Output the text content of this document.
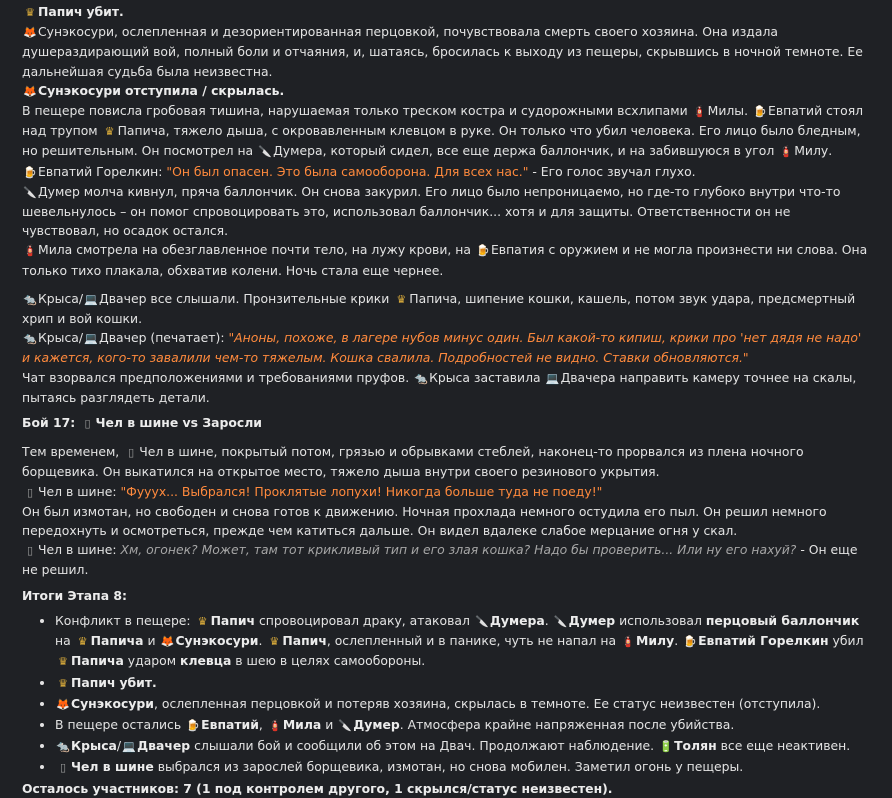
♛ Папич убит.

🦊Сунэкосури, ослепленная и дезориентированная перцовкой, почувствовала смерть своего хозяина. Она издала душераздирающий вой, полный боли и отчаяния, и, шатаясь, бросилась к выходу из пещеры, скрывшись в ночной темноте. Ее дальнейшая судьба была неизвестна.

🦊Сунэкосури отступила / скрылась.

В пещере повисла гробовая тишина, нарушаемая только треском костра и судорожными всхлипами 🧯Милы. 🍺Евпатий стоял над трупом ♛ Папича, тяжело дыша, с окровавленным клевцом в руке. Он только что убил человека. Его лицо было бледным, но решительным. Он посмотрел на 🔪Думера, который сидел, все еще держа баллончик, и на забившуюся в угол 🧯Милу.

🍺Евпатий Горелкин: "Он был опасен. Это была самооборона. Для всех нас." - Его голос звучал глухо.

🔪Думер молча кивнул, пряча баллончик. Он снова закурил. Его лицо было непроницаемо, но где-то глубоко внутри что-то шевельнулось – он помог спровоцировать это, использовал баллончик... хотя и для защиты. Ответственности он не чувствовал, но осадок остался.

🧯Мила смотрела на обезглавленное почти тело, на лужу крови, на 🍺Евпатия с оружием и не могла произнести ни слова. Она только тихо плакала, обхватив колени. Ночь стала еще чернее.

🐀Крыса/💻Двачер все слышали. Пронзительные крики ♛ Папича, шипение кошки, кашель, потом звук удара, предсмертный хрип и вой кошки.

🐀Крыса/💻Двачер (печатает): "Аноны, похоже, в лагере нубов минус один. Был какой-то кипиш, крики про 'нет дядя не надо' и кажется, кого-то завалили чем-то тяжелым. Кошка свалила. Подробностей не видно. Ставки обновляются."

Чат взорвался предположениями и требованиями пруфов. 🐀Крыса заставила 💻Двачера направить камеру точнее на скалы, пытаясь разглядеть детали.

Бой 17: ▯ Чел в шине vs Заросли

Тем временем, ▯ Чел в шине, покрытый потом, грязью и обрывками стеблей, наконец-то прорвался из плена ночного борщевика. Он выкатился на открытое место, тяжело дыша внутри своего резинового укрытия.

▯ Чел в шине: "Фууух... Выбрался! Проклятые лопухи! Никогда больше туда не поеду!"

Он был измотан, но свободен и снова готов к движению. Ночная прохлада немного остудила его пыл. Он решил немного передохнуть и осмотреться, прежде чем катиться дальше. Он видел вдалеке слабое мерцание огня у скал.

▯ Чел в шине: Хм, огонек? Может, там тот крикливый тип и его злая кошка? Надо бы проверить... Или ну его нахуй? - Он еще не решил.

Итоги Этапа 8:

• Конфликт в пещере: ♛ Папич спровоцировал драку, атаковал 🔪Думера. 🔪Думер использовал перцовый баллончик на ♛ Папича и 🦊Сунэкосури. ♛ Папич, ослепленный и в панике, чуть не напал на 🧯Милу. 🍺Евпатий Горелкин убил ♛ Папича ударом клевца в шею в целях самообороны.
• ♛ Папич убит.
• 🦊Сунэкосури, ослепленная перцовкой и потеряв хозяина, скрылась в темноте. Ее статус неизвестен (отступила).
• В пещере остались 🍺Евпатий, 🧯Мила и 🔪Думер. Атмосфера крайне напряженная после убийства.
• 🐀Крыса/💻Двачер слышали бой и сообщили об этом на Двач. Продолжают наблюдение. 🔋Толян все еще неактивен.
• ▯ Чел в шине выбрался из зарослей борщевика, измотан, но снова мобилен. Заметил огонь у пещеры.

Осталось участников: 7 (1 под контролем другого, 1 скрылся/статус неизвестен).
